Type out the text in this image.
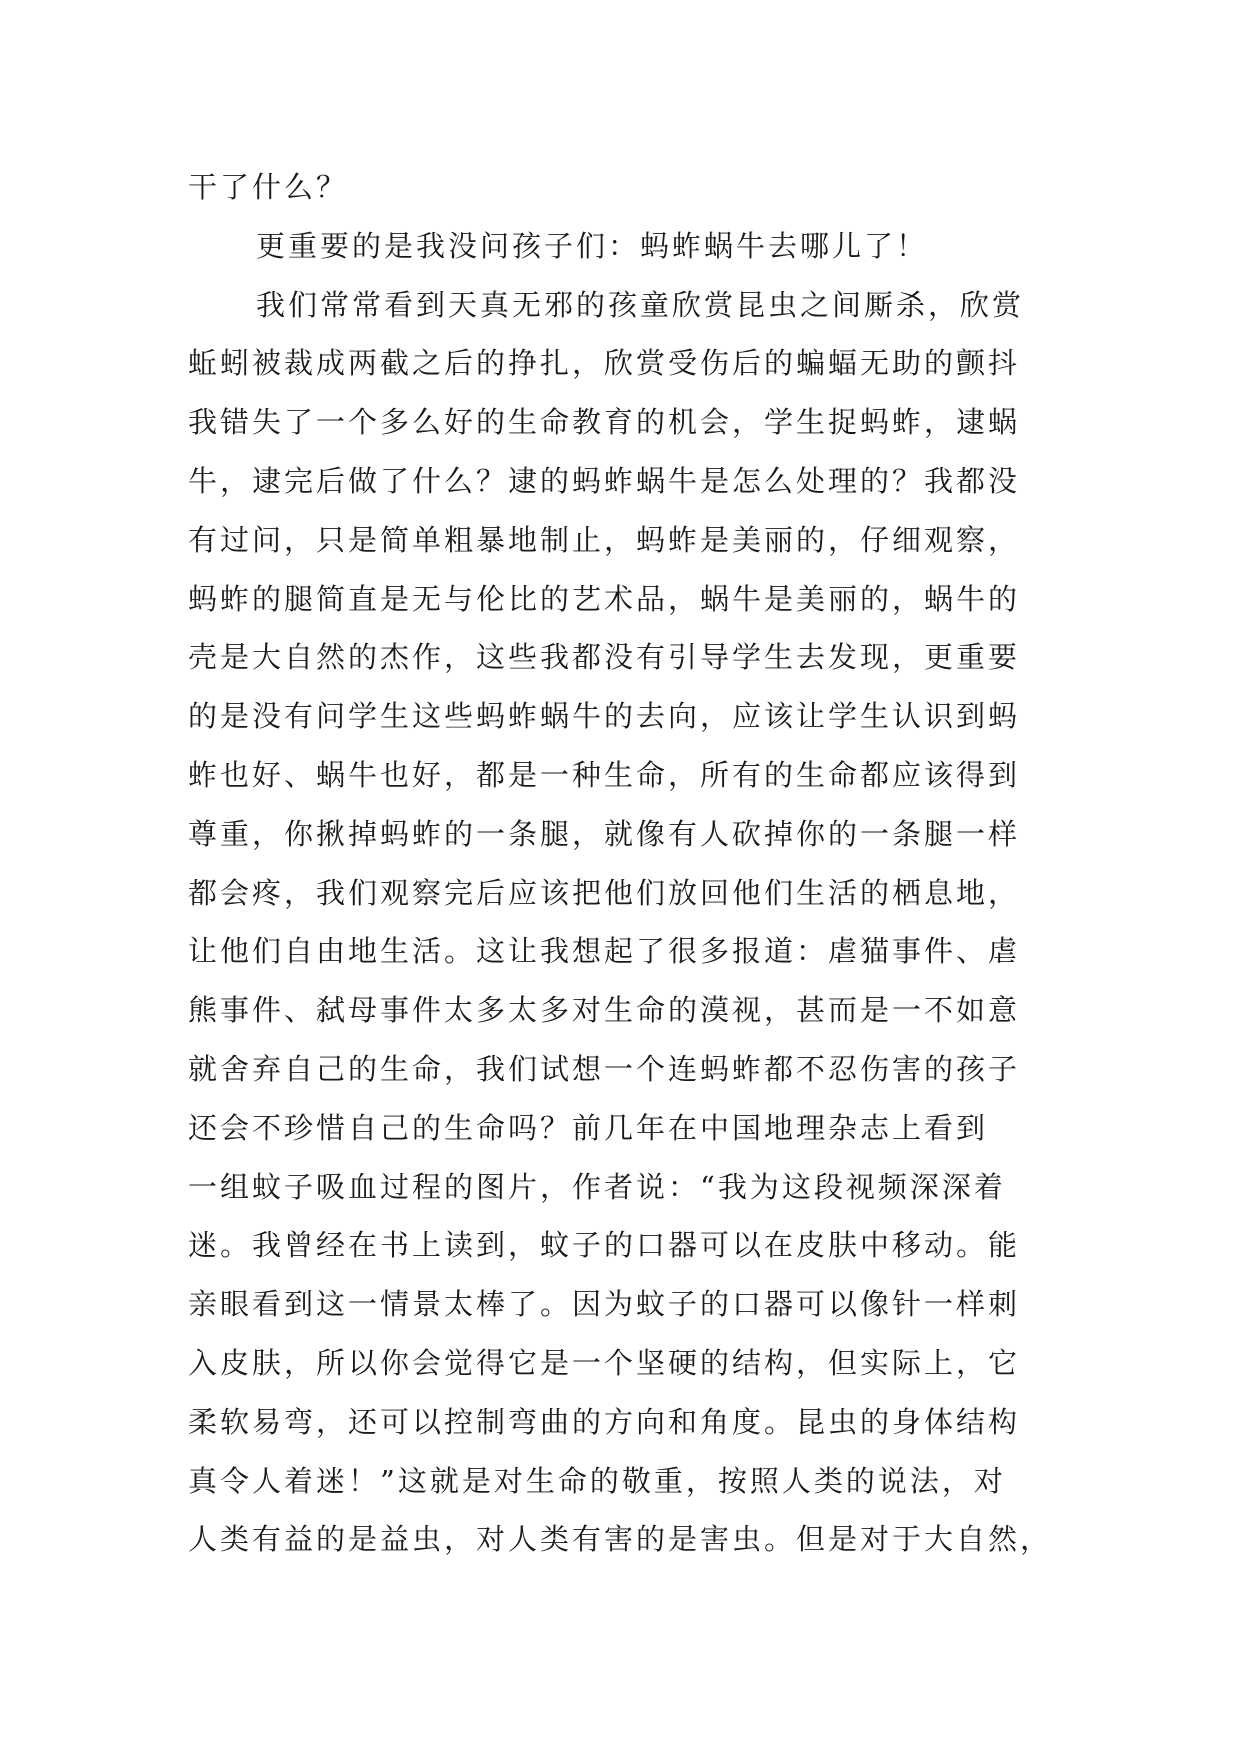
干了什么？
更重要的是我没问孩子们：蚂蚱蜗牛去哪儿了！
我们常常看到天真无邪的孩童欣赏昆虫之间厮杀，欣赏
蚯蚓被裁成两截之后的挣扎，欣赏受伤后的蝙蝠无助的颤抖
我错失了一个多么好的生命教育的机会，学生捉蚂蚱，逮蜗
牛，逮完后做了什么？逮的蚂蚱蜗牛是怎么处理的？我都没
有过问，只是简单粗暴地制止，蚂蚱是美丽的，仔细观察，
蚂蚱的腿简直是无与伦比的艺术品，蜗牛是美丽的，蜗牛的
壳是大自然的杰作，这些我都没有引导学生去发现，更重要
的是没有问学生这些蚂蚱蜗牛的去向，应该让学生认识到蚂
蚱也好、蜗牛也好，都是一种生命，所有的生命都应该得到
尊重，你揪掉蚂蚱的一条腿，就像有人砍掉你的一条腿一样
都会疼，我们观察完后应该把他们放回他们生活的栖息地，
让他们自由地生活。这让我想起了很多报道：虐猫事件、虐
熊事件、弑母事件太多太多对生命的漠视，甚而是一不如意
就舍弃自己的生命，我们试想一个连蚂蚱都不忍伤害的孩子
还会不珍惜自己的生命吗？前几年在中国地理杂志上看到
一组蚊子吸血过程的图片，作者说：“我为这段视频深深着
迷。我曾经在书上读到，蚊子的口器可以在皮肤中移动。能
亲眼看到这一情景太棒了。因为蚊子的口器可以像针一样刺
入皮肤，所以你会觉得它是一个坚硬的结构，但实际上，它
柔软易弯，还可以控制弯曲的方向和角度。昆虫的身体结构
真令人着迷！”这就是对生命的敬重，按照人类的说法，对
人类有益的是益虫，对人类有害的是害虫。但是对于大自然，
